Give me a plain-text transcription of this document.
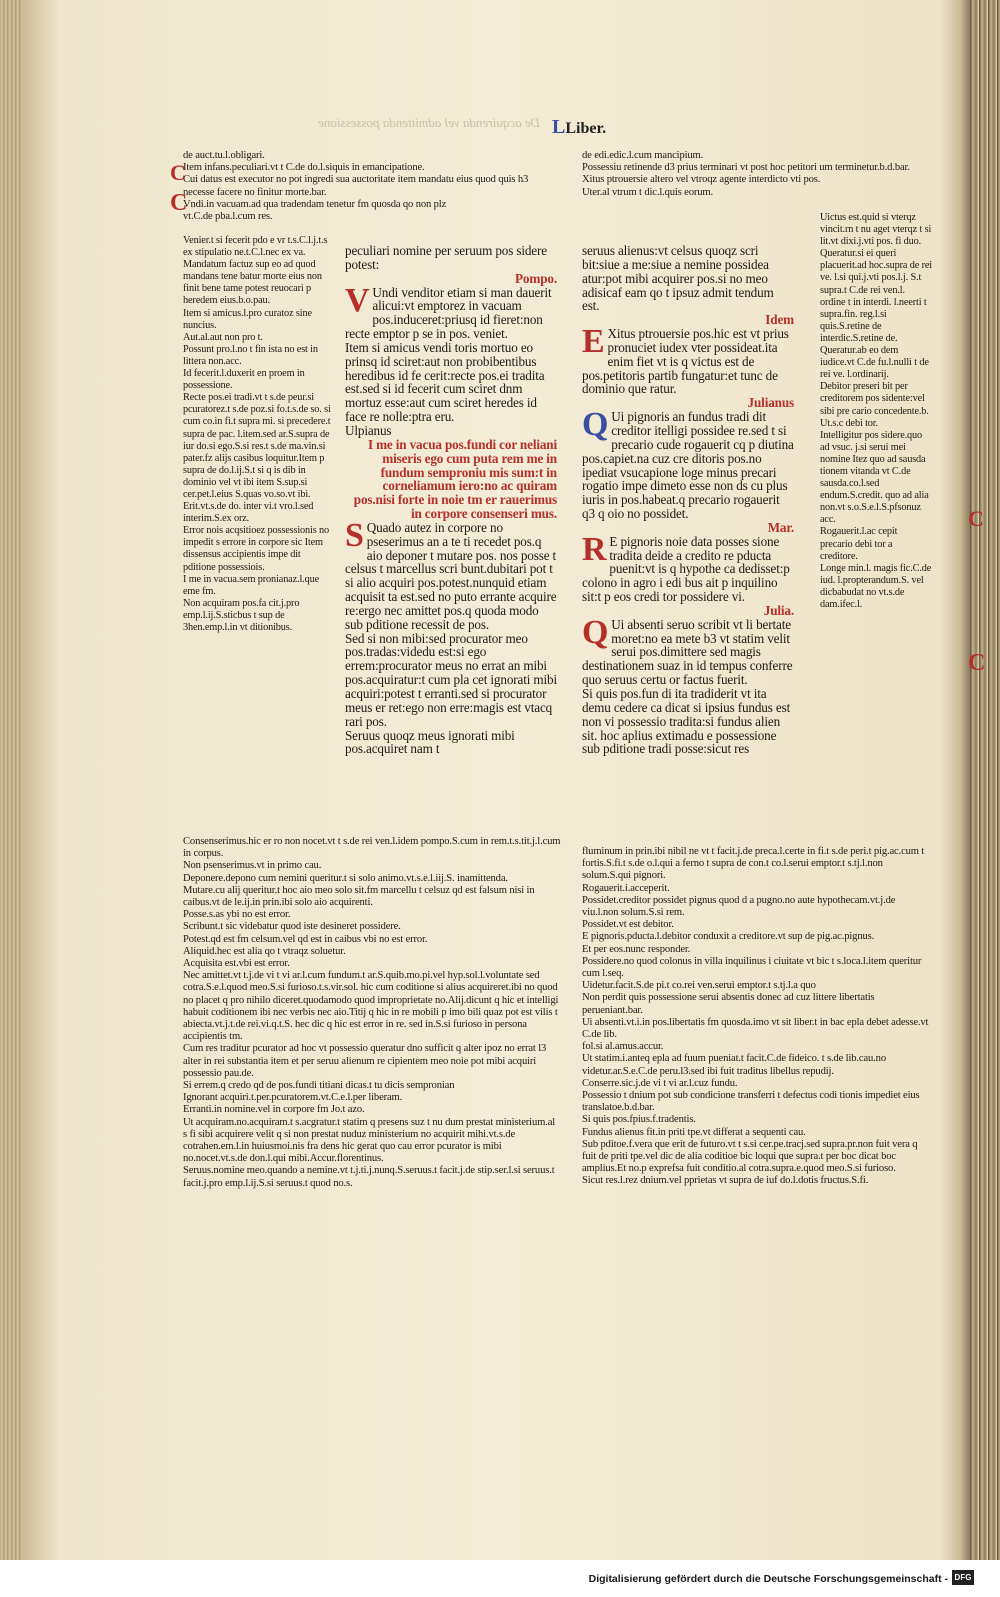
De acquirenda vel admittenda possessione LLiber.

de auct.tu.l.obligari.

Item infans.peculiari.vt t C.de do.l.siquis in emancipatione.

Cui datus est executor no pot ingredi sua auctoritate item mandatu eius quod quis h3 necesse facere no finitur morte.bar.

Vndi.in vacuam.ad qua tradendam tenetur fm quosda qo non plz

vt.C.de pba.l.cum res.

Venier.t si fecerit pdo e vr t.s.C.l.j.t.s ex stipulatio ne.t.C.l.nec ex va.

Mandatum factuz sup eo ad quod mandans tene batur morte eius non finit bene tame potest reuocari p heredem eius.b.o.pau.

Item si amicus.l.pro curatoz sine nuncius.

Aut.al.aut non pro t.

Possunt pro.l.no t fin ista no est in littera non.acc.

Id fecerit.l.duxerit en proem in possessione.

Recte pos.ei tradi.vt t s.de peur.si pcuratorez.t s.de poz.si fo.t.s.de so. si cum co.in fi.t supra mi. si precedere.t supra de pac. l.item.sed ar.S.supra de iur do.si ego.S.si res.t s.de ma.vin.si pater.fz alijs casibus loquitur.Item p supra de do.l.ij.S.t si q is dib in dominio vel vt ibi item S.sup.si cer.pet.l.eius S.quas vo.so.vt ibi.

Erit.vt.s.de do. inter vi.t vro.l.sed interim.S.ex orz.

Error nois acqsitioez possessionis no impedit s errore in corpore sic Item dissensus accipientis impe dit pditione possessiois.

I me in vacua.sem pronianaz.l.que eme fm.

Non acquiram pos.fa cit.j.pro emp.l.ij.S.sticbus t sup de 3hen.emp.l.in vt ditionibus.

peculiari nomine per seruum pos sidere potest:

Pompo.

V Undi venditor etiam si man dauerit alicui:vt emptorez in vacuam pos.induceret:priusq id fieret:non recte emptor p se in pos. veniet.

Item si amicus vendi toris mortuo eo prinsq id sciret:aut non probibentibus heredibus id fe cerit:recte pos.ei tradita est.sed si id fecerit cum sciret dnm mortuz esse:aut cum sciret heredes id face re nolle:ptra eru.

Ulpianus

I me in vacua pos.fundi cor neliani miseris ego cum puta rem me in fundum semproniu mis sum:t in corneliamum iero:no ac quiram pos.nisi forte in noie tm er rauerimus in corpore consenseri mus.

S Quado autez in corpore no pseserimus an a te ti recedet pos.q aio deponer t mutare pos. nos posse t celsus t marcellus scri bunt.dubitari pot t si alio acquiri pos.potest.nunquid etiam acquisit ta est.sed no puto errante acquire re:ergo nec amittet pos.q quoda modo sub pditione recessit de pos.

Sed si non mibi:sed procurator meo pos.tradas:videdu est:si ego errem:procurator meus no errat an mibi pos.acquiratur:t cum pla cet ignorati mibi acquiri:potest t erranti.sed si procurator meus er ret:ego non erre:magis est vtacq rari pos.

Seruus quoqz meus ignorati mibi pos.acquiret nam t

seruus alienus:vt celsus quoqz scri bit:siue a me:siue a nemine possidea atur:pot mibi acquirer pos.si no meo adisicaf eam qo t ipsuz admit tendum est.

Idem

E Xitus ptrouersie pos.hic est vt prius pronuciet iudex vter possideat.ita enim fiet vt is q victus est de pos.petitoris partib fungatur:et tunc de dominio que ratur.

Julianus

Q Ui pignoris an fundus tradi dit creditor itelligi possidee re.sed t si precario cude rogauerit cq p diutina pos.capiet.na cuz cre ditoris pos.no ipediat vsucapione loge minus precari rogatio impe dimeto esse non ds cu plus iuris in pos.habeat.q precario rogauerit q3 q oio no possidet.

Mar.

R E pignoris noie data posses sione tradita deide a credito re pducta puenit:vt is q hypothe ca dedisset:p colono in agro i edi bus ait p inquilino sit:t p eos credi tor possidere vi.

Julia.

Q Ui absenti seruo scribit vt li bertate moret:no ea mete b3 vt statim velit serui pos.dimittere sed magis destinationem suaz in id tempus conferre quo seruus certu or factus fuerit.

Si quis pos.fun di ita tradiderit vt ita demu cedere ca dicat si ipsius fundus est non vi possessio tradita:si fundus alien sit. hoc aplius extimadu e possessione sub pditione tradi posse:sicut res

de edi.edic.l.cum mancipium.

Possessiu retinende d3 prius terminari vt post hoc petitori um terminetur.b.d.bar.

Xitus ptrouersie altero vel vtroqz agente interdicto vti pos.

Uter.al vtrum t dic.l.quis eorum.

Uictus est.quid si vterqz vincit.rn t nu aget vterqz t si lit.vt dixi.j.vti pos. fi duo.

Queratur.si ei queri placuerit.ad hoc.supra de rei ve. l.si qui.j.vti pos.l.j. S.t supra.t C.de rei ven.l. ordine t in interdi. l.neerti t supra.fin. reg.l.si quis.S.retine de interdic.S.retine de.

Queratur.ab eo dem iudice.vt C.de fu.l.nulli t de rei ve. l.ordinarij.

Debitor preseri bit per creditorem pos sidente:vel sibi pre cario concedente.b.

Ut.s.c debi tor.

Intelligitur pos sidere.quo ad vsuc. j.si serui mei nomine Itez quo ad sausda tionem vitanda vt C.de sausda.co.l.sed endum.S.credit. quo ad alia non.vt s.o.S.e.l.S.pfsonuz acc.

Rogauerit.l.ac cepit precario debi tor a creditore.

Longe min.l. magis fic.C.de iud. l.propterandum.S. vel dicbabudat no vt.s.de dam.ifec.l.

Consenserimus.hic er ro non nocet.vt t s.de rei ven.l.idem pompo.S.cum in rem.t.s.tit.j.l.cum in corpus.

Non psenserimus.vt in primo cau.

Deponere.depono cum nemini queritur.t si solo animo.vt.s.e.l.iij.S. inamittenda.

Mutare.cu alij queritur.t hoc aio meo solo sit.fm marcellu t celsuz qd est falsum nisi in caibus.vt de le.ij.in prin.ibi solo aio acquirenti.

Posse.s.as ybi no est error.

Scribunt.t sic videbatur quod iste desineret possidere.

Potest.qd est fm celsum.vel qd est in caibus vbi no est error.

Aliquid.hec est alia qo t vtraqz soluetur.

Acquisita est.vbi est error.

Nec amittet.vt t.j.de vi t vi ar.l.cum fundum.t ar.S.quib.mo.pi.vel hyp.sol.l.voluntate sed cotra.S.e.l.quod meo.S.si furioso.t.s.vir.sol. hic cum coditione si alius acquireret.ibi no quod no placet q pro nihilo diceret.quodamodo quod improprietate no.Alij.dicunt q hic et intelligi habuit coditionem ibi nec verbis nec aio.Titij q hic in re mobili p imo bili quaz pot est vilis t abiecta.vt.j.t.de rei.vi.q.t.S. hec dic q hic est error in re. sed in.S.si furioso in persona accipientis tm.

Cum res traditur pcurator ad hoc vt possessio queratur dno sufficit q alter ipoz no errat l3 alter in rei substantia item et per seruu alienum re cipientem meo noie pot mibi acquiri possessio pau.de.

Si errem.q credo qd de pos.fundi titiani dicas.t tu dicis sempronian

Ignorant acquiri.t.per.pcuratorem.vt.C.e.l.per liberam.

Erranti.in nomine.vel in corpore fm Jo.t azo.

Ut acquiram.no.acquiram.t s.acgratur.t statim q presens suz t nu dum prestat ministerium.al s fi sibi acquirere velit q si non prestat nuduz ministerium no acquirit mihi.vt.s.de cotrahen.em.l.in huiusmoi.nis fra dens hic gerat quo cau error pcurator is mibi no.nocet.vt.s.de don.l.qui mibi.Accur.florentinus.

Seruus.nomine meo.quando a nemine.vt t.j.ti.j.nunq.S.seruus.t facit.j.de stip.ser.l.si seruus.t facit.j.pro emp.l.ij.S.si seruus.t quod no.s.

fluminum in prin.ibi nibil ne vt t facit.j.de preca.l.certe in fi.t s.de peri.t pig.ac.cum t fortis.S.fi.t s.de o.l.qui a ferno t supra de con.t co.l.serui emptor.t s.tj.l.non solum.S.qui pignori.

Rogauerit.i.acceperit.

Possidet.creditor possidet pignus quod d a pugno.no aute hypothecam.vt.j.de viu.l.non solum.S.si rem.

Possidet.vt est debitor.

E pignoris.pducta.l.debitor conduxit a creditore.vt sup de pig.ac.pignus.

Et per eos.nunc responder.

Possidere.no quod colonus in villa inquilinus i ciuitate vt bic t s.loca.l.item queritur cum l.seq.

Uidetur.facit.S.de pi.t co.rei ven.serui emptor.t s.tj.l.a quo

Non perdit quis possessione serui absentis donec ad cuz littere libertatis perueniant.bar.

Ui absenti.vt.i.in pos.libertatis fm quosda.imo vt sit liber.t in bac epla debet adesse.vt C.de lib.

fol.si al.amus.accur.

Ut statim.i.anteq epla ad fuum pueniat.t facit.C.de fideico. t s.de lib.cau.no videtur.ar.S.e.C.de peru.l3.sed ibi fuit traditus libellus repudij.

Conserre.sic.j.de vi t vi ar.l.cuz fundu.

Possessio t dnium pot sub condicione transferri t defectus codi tionis impediet eius translatoe.b.d.bar.

Si quis pos.fpius.f.tradentis.

Fundus alienus fit.in priti tpe.vt differat a sequenti cau.

Sub pditoe.f.vera que erit de futuro.vt t s.si cer.pe.tracj.sed supra.pr.non fuit vera q fuit de priti tpe.vel dic de alia coditioe bic loqui que supra.t per boc dicat boc amplius.Et no.p exprefsa fuit conditio.al cotra.supra.e.quod meo.S.si furioso.

Sicut res.l.rez dnium.vel pprietas vt supra de iuf do.l.dotis fructus.S.fi.

C
C
C
C
Digitalisierung gefördert durch die Deutsche Forschungsgemeinschaft - DFG
